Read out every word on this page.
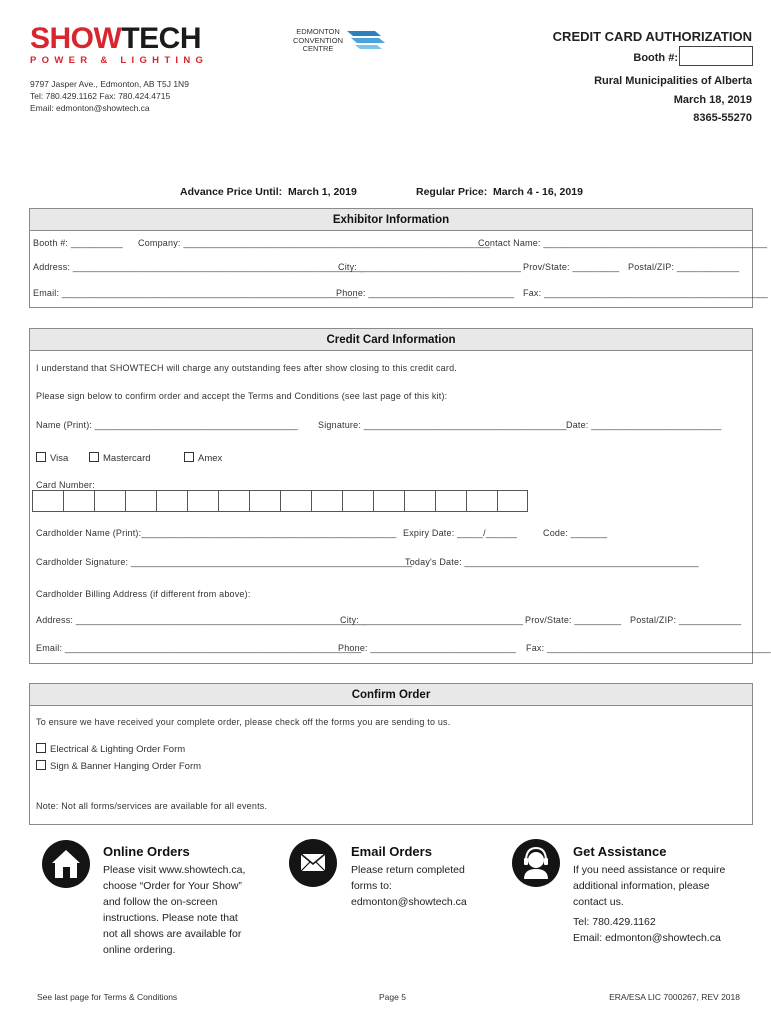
SHOWTECH
POWER & LIGHTING
EDMONTON
CONVENTION
CENTRE
9797 Jasper Ave., Edmonton, AB T5J 1N9
Tel: 780.429.1162 Fax: 780.424.4715
Email: edmonton@showtech.ca
CREDIT CARD AUTHORIZATION
Booth #:
Rural Municipalities of Alberta
March 18, 2019
8365-55270
Advance Price Until:  March 1, 2019	Regular Price:  March 4 - 16, 2019
Exhibitor Information
Booth #: __________	Company: ___________________________________________________________
Contact Name: ___________________________________________
Address: ________________________________________________________
City: _______________________________ Prov/State: _________ Postal/ZIP: ____________
Email: _________________________________________________________
Phone: ____________________________ Fax: ___________________________________________
Credit Card Information
I understand that SHOWTECH will charge any outstanding fees after show closing to this credit card.
Please sign below to confirm order and accept the Terms and Conditions (see last page of this kit):
Name (Print): _______________________________________	Signature: _______________________________________ Date: _________________________
Visa	Mastercard	Amex
Card Number:
Cardholder Name (Print):_________________________________________________ Expiry Date: _____/______	Code: _______
Cardholder Signature: ______________________________________________________
Today's Date: _____________________________________________
Cardholder Billing Address (if different from above):
Address: ________________________________________________________
City: _______________________________ Prov/State: _________ Postal/ZIP: ____________
Email: _________________________________________________________
Phone: ____________________________	Fax: ___________________________________________
Confirm Order
To ensure we have received your complete order, please check off the forms you are sending to us.
Electrical & Lighting Order Form
Sign & Banner Hanging Order Form
Note: Not all forms/services are available for all events.
Online Orders
Please visit www.showtech.ca,
choose “Order for Your Show”
and follow the on-screen
instructions. Please note that
not all shows are available for
online ordering.
Email Orders
Please return completed
forms to:
edmonton@showtech.ca
Get Assistance
If you need assistance or require
additional information, please
contact us.
Tel: 780.429.1162
Email: edmonton@showtech.ca
See last page for Terms & Conditions	Page 5	ERA/ESA LIC 7000267, REV 2018
